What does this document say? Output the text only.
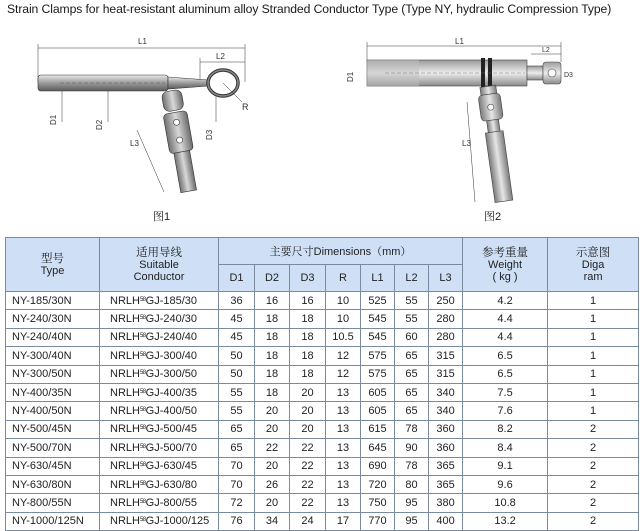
Strain Clamps for heat-resistant aluminum alloy Stranded Conductor Type (Type NY, hydraulic Compression Type)
D1	D2
D3
R
L3
L1
L2
图1
L1
L2
D1	D3
L3
图2
型号
Type	适用导线
Suitable
Conductor	主要尺寸Dimensions（mm）							参考重量
Weight
( kg )	示意图
Diga
ram

		D1	D2	D3	R	L1	L2	L3		
NY-185/30N	NRLH$^{58}$GJ-185/30	36	16	16	10	525	55	250	4.2	1
NY-240/30N	NRLH$^{58}$GJ-240/30	45	18	18	10	545	55	280	4.4	1
NY-240/40N	NRLH$^{58}$GJ-240/40	45	18	18	10.5	545	60	280	4.4	1
NY-300/40N	NRLH$^{58}$GJ-300/40	50	18	18	12	575	65	315	6.5	1
NY-300/50N	NRLH$^{58}$GJ-300/50	50	18	18	12	575	65	315	6.5	1
NY-400/35N	NRLH$^{58}$GJ-400/35	55	18	20	13	605	65	340	7.5	1
NY-400/50N	NRLH$^{58}$GJ-400/50	55	20	20	13	605	65	340	7.6	1
NY-500/45N	NRLH$^{58}$GJ-500/45	65	20	20	13	615	78	360	8.2	2
NY-500/70N	NRLH$^{58}$GJ-500/70	65	22	22	13	645	90	360	8.4	2
NY-630/45N	NRLH$^{58}$GJ-630/45	70	20	22	13	690	78	365	9.1	2
NY-630/80N	NRLH$^{58}$GJ-630/80	70	26	22	13	720	80	365	9.6	2
NY-800/55N	NRLH$^{58}$GJ-800/55	72	20	22	13	750	95	380	10.8	2
NY-1000/125N	NRLH$^{58}$GJ-1000/125	76	34	24	17	770	95	400	13.2	2
